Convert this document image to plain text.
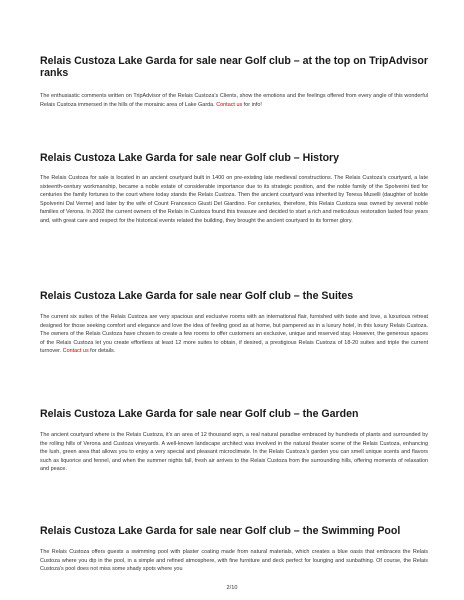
Relais Custoza Lake Garda for sale near Golf club – at the top on TripAdvisor ranks

The enthusiastic comments written on TripAdvisor of the Relais Custoza’s Clients, show the emotions and the feelings offered from every angle of this wonderful Relais Custoza immersed in the hills of the morainic area of Lake Garda. Contact us for info!

Relais Custoza Lake Garda for sale near Golf club – History

The Relais Custoza for sale is located in an ancient courtyard built in 1400 on pre-existing late medieval constructions. The Relais Custoza’s courtyard, a late sixteenth-century workmanship, became a noble estate of considerable importance due to its strategic position, and the noble family of the Spolverini tied for centuries the family fortunes to the court where today stands the Relais Custoza. Then the ancient courtyard was inherited by Teresa Muselli (daughter of Isolde Spolverini Dal Verme) and later by the wife of Count Francesco Giusti Del Giardino. For centuries, therefore, this Relais Custoza was owned by several noble families of Verona. In 2002 the current owners of the Relais in Custoza found this treasure and decided to start a rich and meticulous restoration lasted four years and, with great care and respect for the historical events related the building, they brought the ancient courtyard to its former glory.

Relais Custoza Lake Garda for sale near Golf club – the Suites

The current six suites of the Relais Custoza are very spacious and exclusive rooms with an international flair, furnished with taste and love, a luxurious retreat designed for those seeking comfort and elegance and love the idea of feeling good as at home, but pampered as in a luxury hotel, in this luxury Relais Custoza. The owners of the Relais Custoza have chosen to create a few rooms to offer customers an exclusive, unique and reserved stay. However, the generous spaces of the Relais Custoza let you create effortless at least 12 more suites to obtain, if desired, a prestigious Relais Custoza of 18-20 suites and triple the current turnover. Contact us for details.

Relais Custoza Lake Garda for sale near Golf club – the Garden

The ancient courtyard where is the Relais Custoza, it’s an area of 12 thousand sqm, a real natural paradise embraced by hundreds of plants and surrounded by the rolling hills of Verona and Custoza vineyards. A well-known landscape architect was involved in the natural theater scene of the Relais Custoza, enhancing the lush, green area that allows you to enjoy a very special and pleasant microclimate. In the Relais Custoza’s garden you can smell unique scents and flavors such as liquorice and fennel, and when the summer nights fall, fresh air arrives to the Relais Custoza from the surrounding hills, offering moments of relaxation and peace.

Relais Custoza Lake Garda for sale near Golf club – the Swimming Pool

The Relais Custoza offers guests a swimming pool with plaster coating made from natural materials, which creates a blue oasis that embraces the Relais Custoza where you dip in the pool, in a simple and refined atmosphere, with fine furniture and deck perfect for lounging and sunbathing. Of course, the Relais Custoza's pool does not miss some shady spots where you

2/10
